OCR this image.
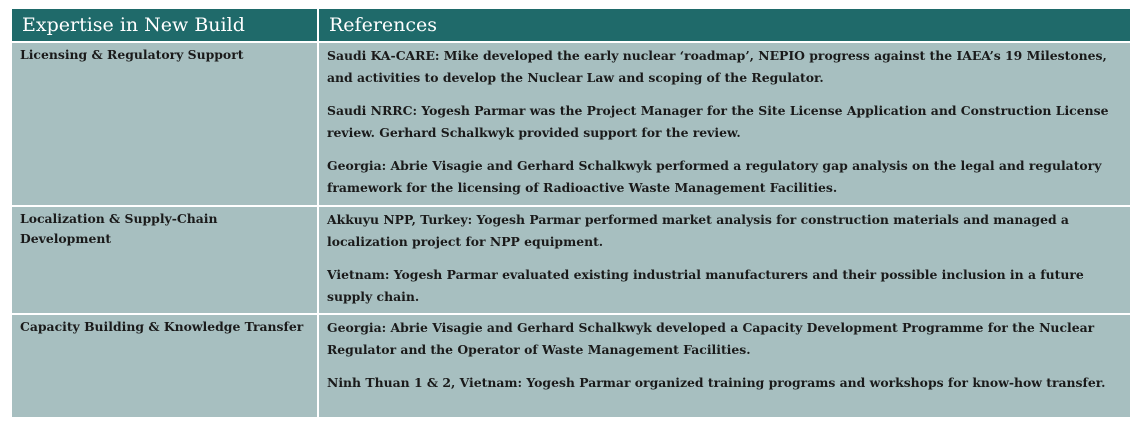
Expertise in New Build	References

Licensing & Regulatory Support	Saudi KA-CARE: Mike developed the early nuclear ‘roadmap’, NEPIO progress against the IAEA’s 19 Milestones, and activities to develop the Nuclear Law and scoping of the Regulator.

Saudi NRRC: Yogesh Parmar was the Project Manager for the Site License Application and Construction License review. Gerhard Schalkwyk provided support for the review.

Georgia: Abrie Visagie and Gerhard Schalkwyk performed a regulatory gap analysis on the legal and regulatory framework for the licensing of Radioactive Waste Management Facilities.

Localization & Supply-Chain Development	Akkuyu NPP, Turkey: Yogesh Parmar performed market analysis for construction materials and managed a localization project for NPP equipment.

Vietnam: Yogesh Parmar evaluated existing industrial manufacturers and their possible inclusion in a future supply chain.

Capacity Building & Knowledge Transfer	Georgia: Abrie Visagie and Gerhard Schalkwyk developed a Capacity Development Programme for the Nuclear Regulator and the Operator of Waste Management Facilities.

Ninh Thuan 1 & 2, Vietnam: Yogesh Parmar organized training programs and workshops for know-how transfer.
